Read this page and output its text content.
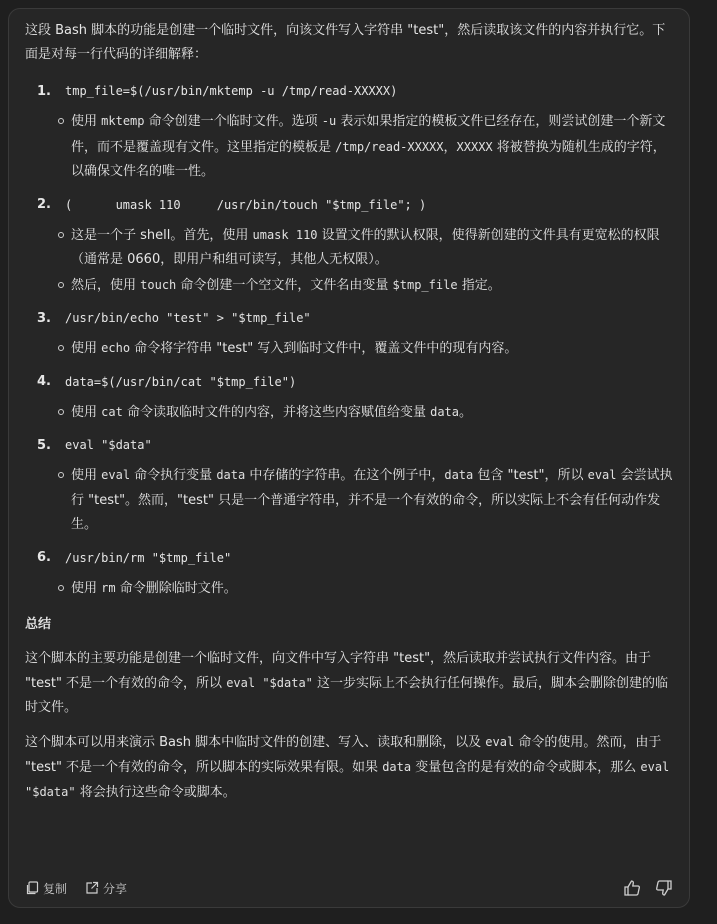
这段 Bash 脚本的功能是创建一个临时文件，向该文件写入字符串 "test"，然后读取该文件的内容并执行它。下面是对每一行代码的详细解释：

1.	tmp_file=$(/usr/bin/mktemp -u /tmp/read-XXXXX)
使用 mktemp 命令创建一个临时文件。选项 -u 表示如果指定的模板文件已经存在，则尝试创建一个新文件，而不是覆盖现有文件。这里指定的模板是 /tmp/read-XXXXX，XXXXX 将被替换为随机生成的字符，以确保文件名的唯一性。
2.	(      umask 110     /usr/bin/touch "$tmp_file"; )
这是一个子 shell。首先，使用 umask 110 设置文件的默认权限，使得新创建的文件具有更宽松的权限（通常是 0660，即用户和组可读写，其他人无权限）。
然后，使用 touch 命令创建一个空文件，文件名由变量 $tmp_file 指定。
3.	/usr/bin/echo "test" > "$tmp_file"
使用 echo 命令将字符串 "test" 写入到临时文件中，覆盖文件中的现有内容。
4.	data=$(/usr/bin/cat "$tmp_file")
使用 cat 命令读取临时文件的内容，并将这些内容赋值给变量 data。
5.	eval "$data"
使用 eval 命令执行变量 data 中存储的字符串。在这个例子中，data 包含 "test"，所以 eval 会尝试执行 "test"。然而，"test" 只是一个普通字符串，并不是一个有效的命令，所以实际上不会有任何动作发生。
6.	/usr/bin/rm "$tmp_file"
使用 rm 命令删除临时文件。
总结

这个脚本的主要功能是创建一个临时文件，向文件中写入字符串 "test"，然后读取并尝试执行文件内容。由于 "test" 不是一个有效的命令，所以 eval "$data" 这一步实际上不会执行任何操作。最后，脚本会删除创建的临时文件。

这个脚本可以用来演示 Bash 脚本中临时文件的创建、写入、读取和删除，以及 eval 命令的使用。然而，由于 "test" 不是一个有效的命令，所以脚本的实际效果有限。如果 data 变量包含的是有效的命令或脚本，那么 eval "$data" 将会执行这些命令或脚本。

复制	分享
